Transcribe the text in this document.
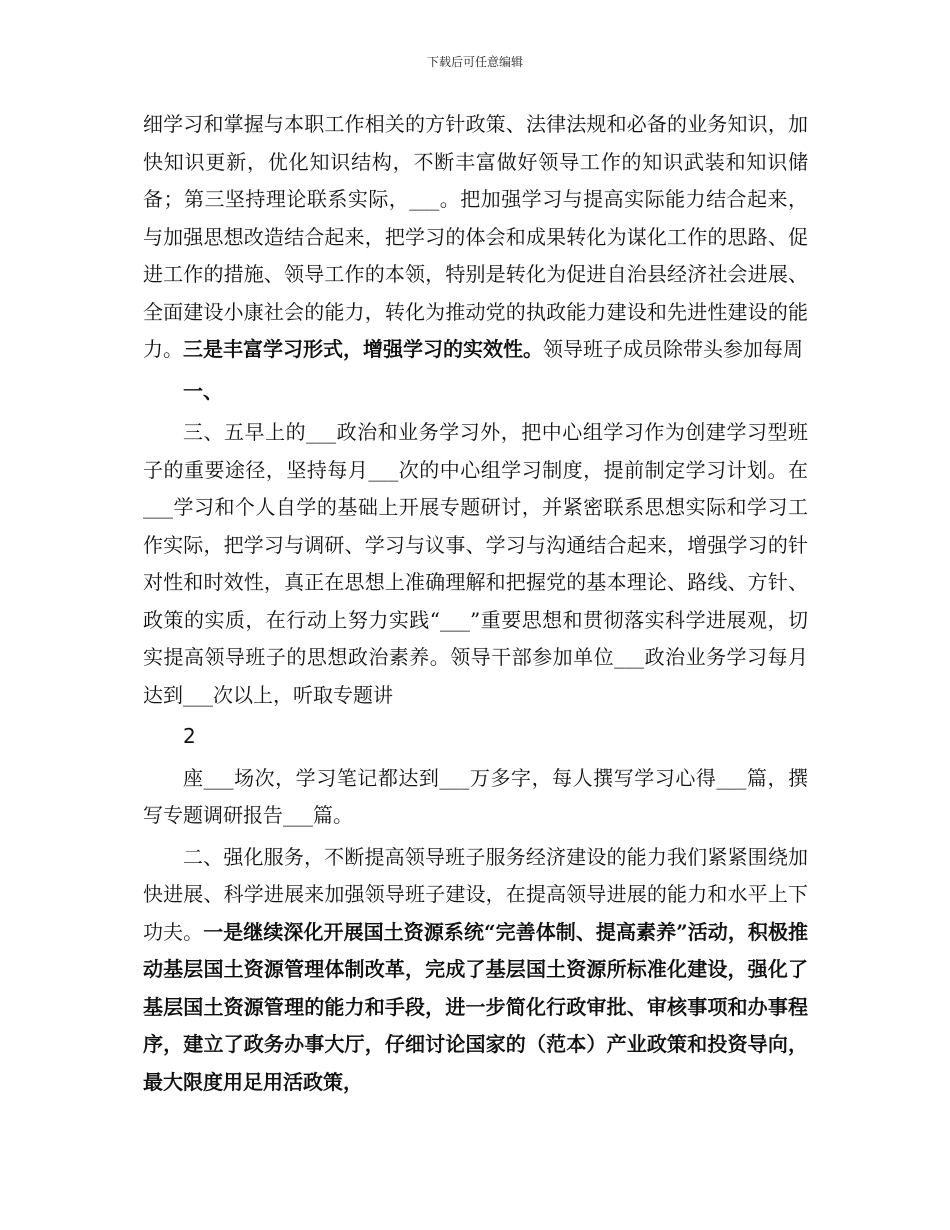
下载后可任意编辑

细学习和掌握与本职工作相关的方针政策、法律法规和必备的业务知识，加快知识更新，优化知识结构，不断丰富做好领导工作的知识武装和知识储备；第三坚持理论联系实际，___。把加强学习与提高实际能力结合起来，与加强思想改造结合起来，把学习的体会和成果转化为谋化工作的思路、促进工作的措施、领导工作的本领，特别是转化为促进自治县经济社会进展、全面建设小康社会的能力，转化为推动党的执政能力建设和先进性建设的能力。三是丰富学习形式，增强学习的实效性。领导班子成员除带头参加每周

一、

三、五早上的___政治和业务学习外，把中心组学习作为创建学习型班子的重要途径，坚持每月___次的中心组学习制度，提前制定学习计划。在___学习和个人自学的基础上开展专题研讨，并紧密联系思想实际和学习工作实际，把学习与调研、学习与议事、学习与沟通结合起来，增强学习的针对性和时效性，真正在思想上准确理解和把握党的基本理论、路线、方针、政策的实质，在行动上努力实践“___”重要思想和贯彻落实科学进展观，切实提高领导班子的思想政治素养。领导干部参加单位___政治业务学习每月达到___次以上，听取专题讲

2

座___场次，学习笔记都达到___万多字，每人撰写学习心得___篇，撰写专题调研报告___篇。

二、强化服务，不断提高领导班子服务经济建设的能力我们紧紧围绕加快进展、科学进展来加强领导班子建设，在提高领导进展的能力和水平上下功夫。一是继续深化开展国土资源系统“完善体制、提高素养”活动，积极推动基层国土资源管理体制改革，完成了基层国土资源所标准化建设，强化了基层国土资源管理的能力和手段，进一步简化行政审批、审核事项和办事程序，建立了政务办事大厅，仔细讨论国家的（范本）产业政策和投资导向，最大限度用足用活政策，
